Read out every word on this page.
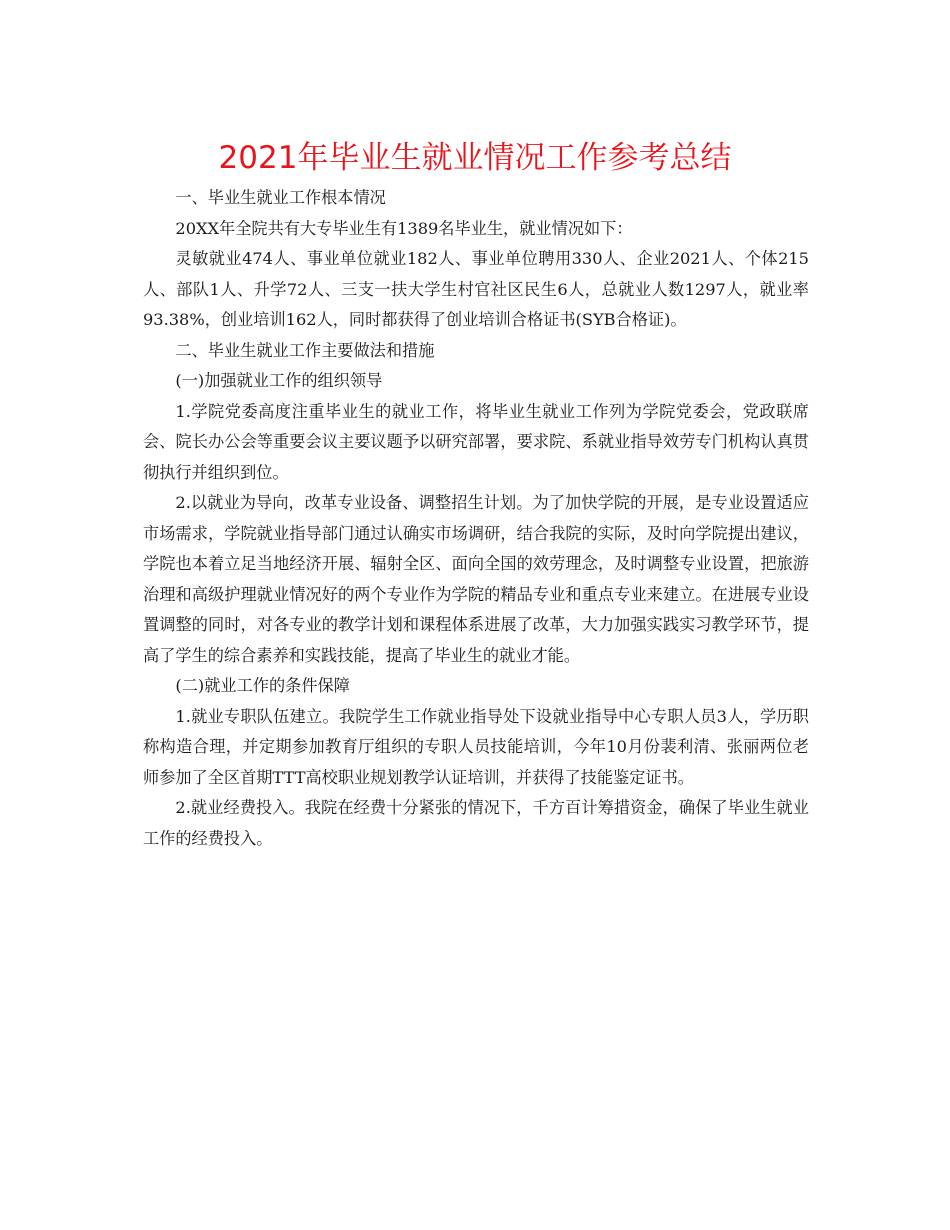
2021年毕业生就业情况工作参考总结

一、毕业生就业工作根本情况

20XX年全院共有大专毕业生有1389名毕业生，就业情况如下：

灵敏就业474人、事业单位就业182人、事业单位聘用330人、企业2021人、个体215人、部队1人、升学72人、三支一扶大学生村官社区民生6人，总就业人数1297人，就业率93.38%，创业培训162人，同时都获得了创业培训合格证书(SYB合格证)。

二、毕业生就业工作主要做法和措施

(一)加强就业工作的组织领导

1.学院党委高度注重毕业生的就业工作，将毕业生就业工作列为学院党委会，党政联席会、院长办公会等重要会议主要议题予以研究部署，要求院、系就业指导效劳专门机构认真贯彻执行并组织到位。

2.以就业为导向，改革专业设备、调整招生计划。为了加快学院的开展，是专业设置适应市场需求，学院就业指导部门通过认确实市场调研，结合我院的实际，及时向学院提出建议，学院也本着立足当地经济开展、辐射全区、面向全国的效劳理念，及时调整专业设置，把旅游治理和高级护理就业情况好的两个专业作为学院的精品专业和重点专业来建立。在进展专业设置调整的同时，对各专业的教学计划和课程体系进展了改革，大力加强实践实习教学环节，提高了学生的综合素养和实践技能，提高了毕业生的就业才能。

(二)就业工作的条件保障

1.就业专职队伍建立。我院学生工作就业指导处下设就业指导中心专职人员3人，学历职称构造合理，并定期参加教育厅组织的专职人员技能培训，今年10月份裴利清、张丽两位老师参加了全区首期TTT高校职业规划教学认证培训，并获得了技能鉴定证书。

2.就业经费投入。我院在经费十分紧张的情况下，千方百计筹措资金，确保了毕业生就业工作的经费投入。
